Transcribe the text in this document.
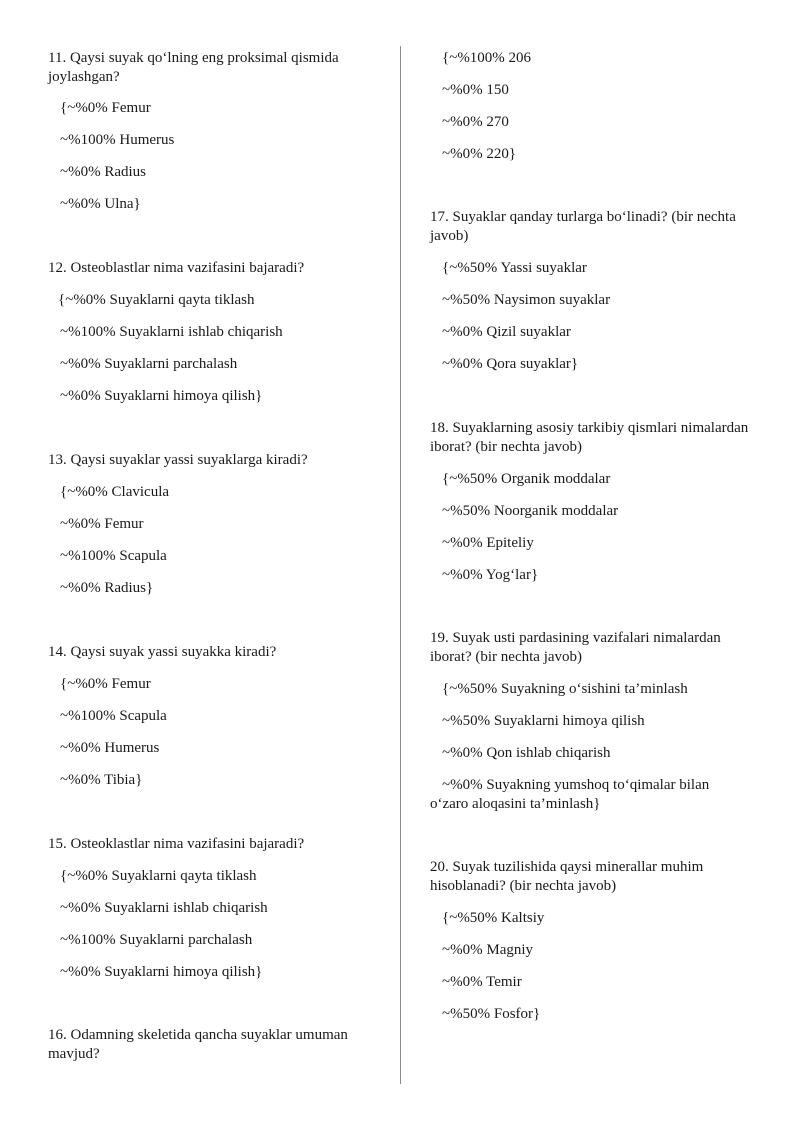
11. Qaysi suyak qo‘lning eng proksimal qismida joylashgan?
{~%0% Femur
~%100% Humerus
~%0% Radius
~%0% Ulna}
12. Osteoblastlar nima vazifasini bajaradi?
{~%0% Suyaklarni qayta tiklash
~%100% Suyaklarni ishlab chiqarish
~%0% Suyaklarni parchalash
~%0% Suyaklarni himoya qilish}
13. Qaysi suyaklar yassi suyaklarga kiradi?
{~%0% Clavicula
~%0% Femur
~%100% Scapula
~%0% Radius}
14. Qaysi suyak yassi suyakka kiradi?
{~%0% Femur
~%100% Scapula
~%0% Humerus
~%0% Tibia}
15. Osteoklastlar nima vazifasini bajaradi?
{~%0% Suyaklarni qayta tiklash
~%0% Suyaklarni ishlab chiqarish
~%100% Suyaklarni parchalash
~%0% Suyaklarni himoya qilish}
16. Odamning skeletida qancha suyaklar umuman mavjud?
{~%100% 206
~%0% 150
~%0% 270
~%0% 220}
17. Suyaklar qanday turlarga bo‘linadi? (bir nechta javob)
{~%50% Yassi suyaklar
~%50% Naysimon suyaklar
~%0% Qizil suyaklar
~%0% Qora suyaklar}
18. Suyaklarning asosiy tarkibiy qismlari nimalardan iborat? (bir nechta javob)
{~%50% Organik moddalar
~%50% Noorganik moddalar
~%0% Epiteliy
~%0% Yog‘lar}
19. Suyak usti pardasining vazifalari nimalardan iborat? (bir nechta javob)
{~%50% Suyakning o‘sishini ta’minlash
~%50% Suyaklarni himoya qilish
~%0% Qon ishlab chiqarish
~%0% Suyakning yumshoq to‘qimalar bilan o‘zaro aloqasini ta’minlash}
20. Suyak tuzilishida qaysi minerallar muhim hisoblanadi? (bir nechta javob)
{~%50% Kaltsiy
~%0% Magniy
~%0% Temir
~%50% Fosfor}
